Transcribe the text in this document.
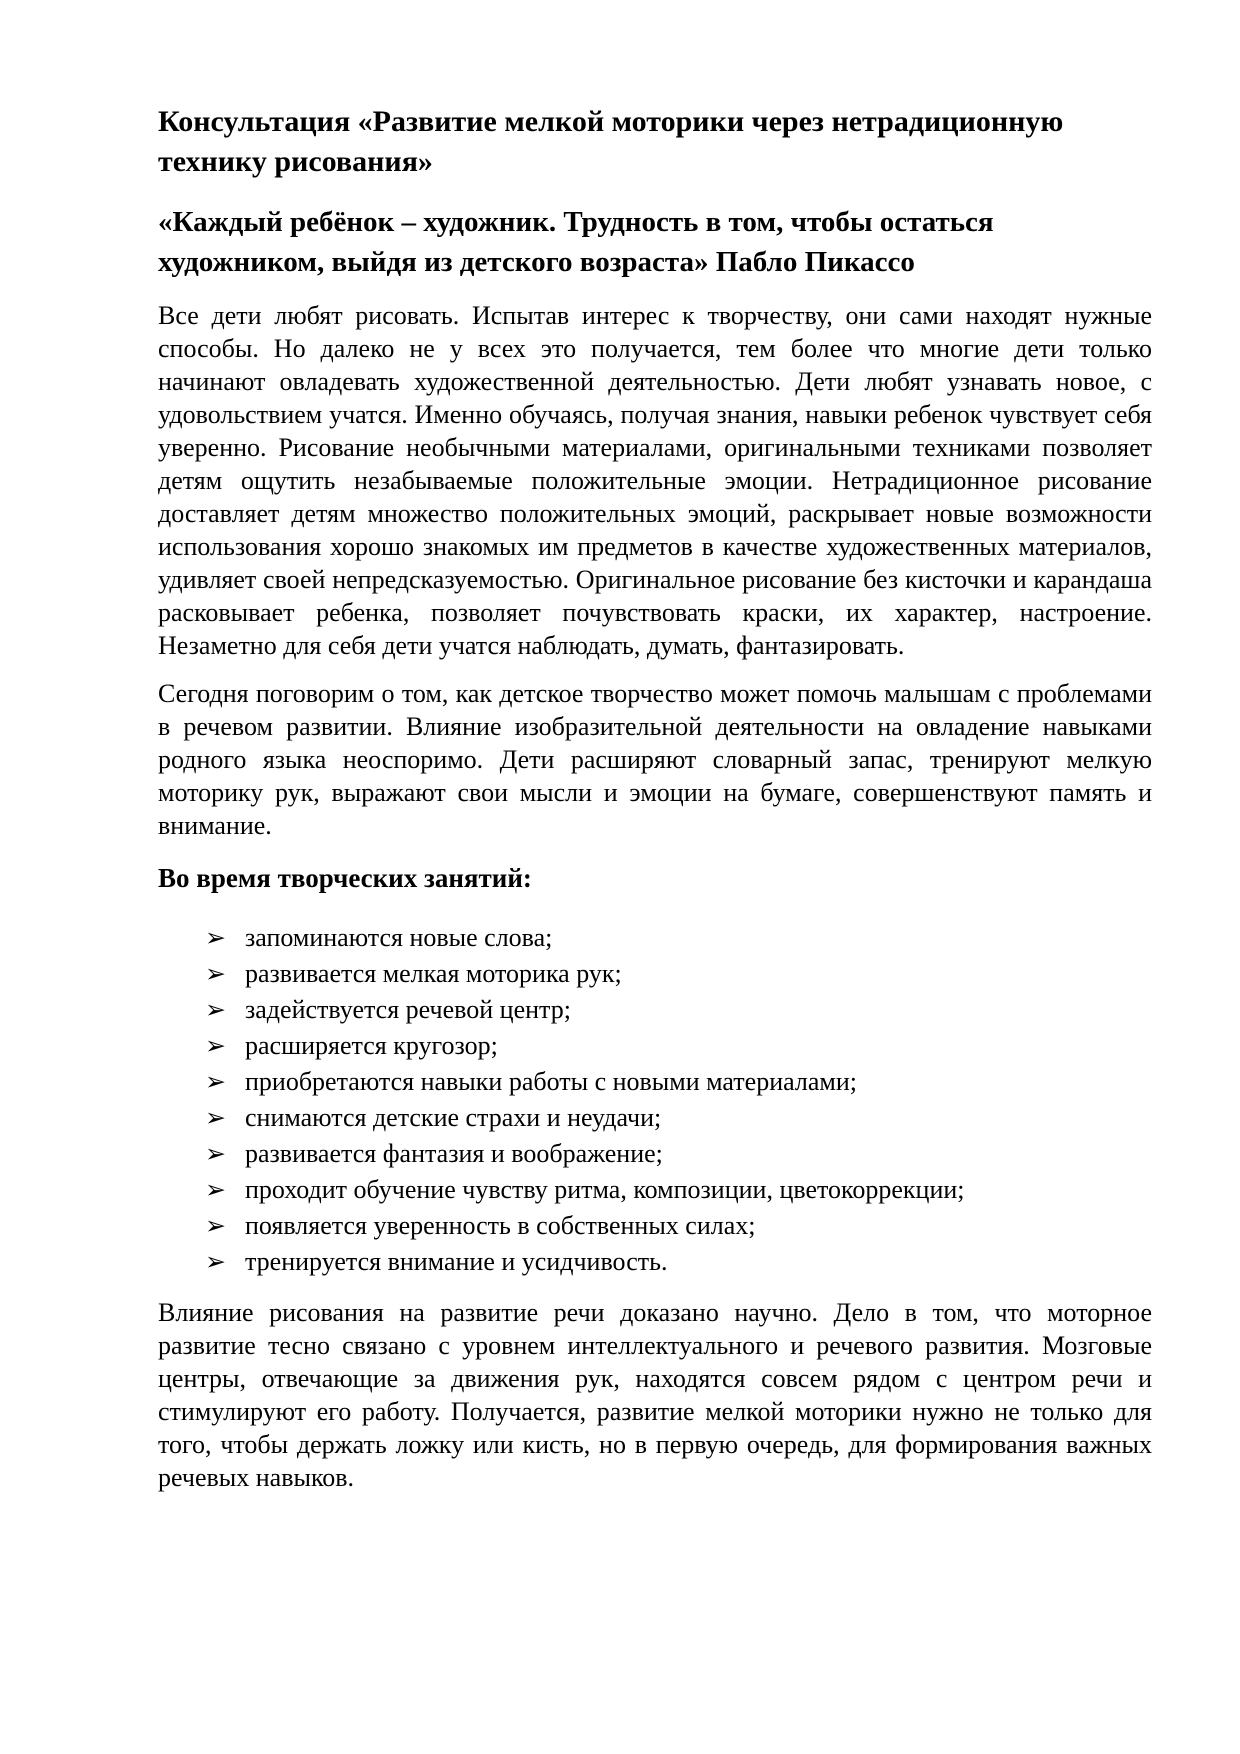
Консультация «Развитие мелкой моторики через нетрадиционную технику рисования»
«Каждый ребёнок – художник. Трудность в том, чтобы остаться художником, выйдя из детского возраста» Пабло Пикассо

Все дети любят рисовать. Испытав интерес к творчеству, они сами находят нужные способы. Но далеко не у всех это получается, тем более что многие дети только начинают овладевать художественной деятельностью. Дети любят узнавать новое, с удовольствием учатся. Именно обучаясь, получая знания, навыки ребенок чувствует себя уверенно. Рисование необычными материалами, оригинальными техниками позволяет детям ощутить незабываемые положительные эмоции. Нетрадиционное рисование доставляет детям множество положительных эмоций, раскрывает новые возможности использования хорошо знакомых им предметов в качестве художественных материалов, удивляет своей непредсказуемостью. Оригинальное рисование без кисточки и карандаша расковывает ребенка, позволяет почувствовать краски, их характер, настроение. Незаметно для себя дети учатся наблюдать, думать, фантазировать.

Сегодня поговорим о том, как детское творчество может помочь малышам с проблемами в речевом развитии. Влияние изобразительной деятельности на овладение навыками родного языка неоспоримо. Дети расширяют словарный запас, тренируют мелкую моторику рук, выражают свои мысли и эмоции на бумаге, совершенствуют память и внимание.

Во время творческих занятий:
➢ запоминаются новые слова;
➢ развивается мелкая моторика рук;
➢ задействуется речевой центр;
➢ расширяется кругозор;
➢ приобретаются навыки работы с новыми материалами;
➢ снимаются детские страхи и неудачи;
➢ развивается фантазия и воображение;
➢ проходит обучение чувству ритма, композиции, цветокоррекции;
➢ появляется уверенность в собственных силах;
➢ тренируется внимание и усидчивость.

Влияние рисования на развитие речи доказано научно. Дело в том, что моторное развитие тесно связано с уровнем интеллектуального и речевого развития. Мозговые центры, отвечающие за движения рук, находятся совсем рядом с центром речи и стимулируют его работу. Получается, развитие мелкой моторики нужно не только для того, чтобы держать ложку или кисть, но в первую очередь, для формирования важных речевых навыков.
